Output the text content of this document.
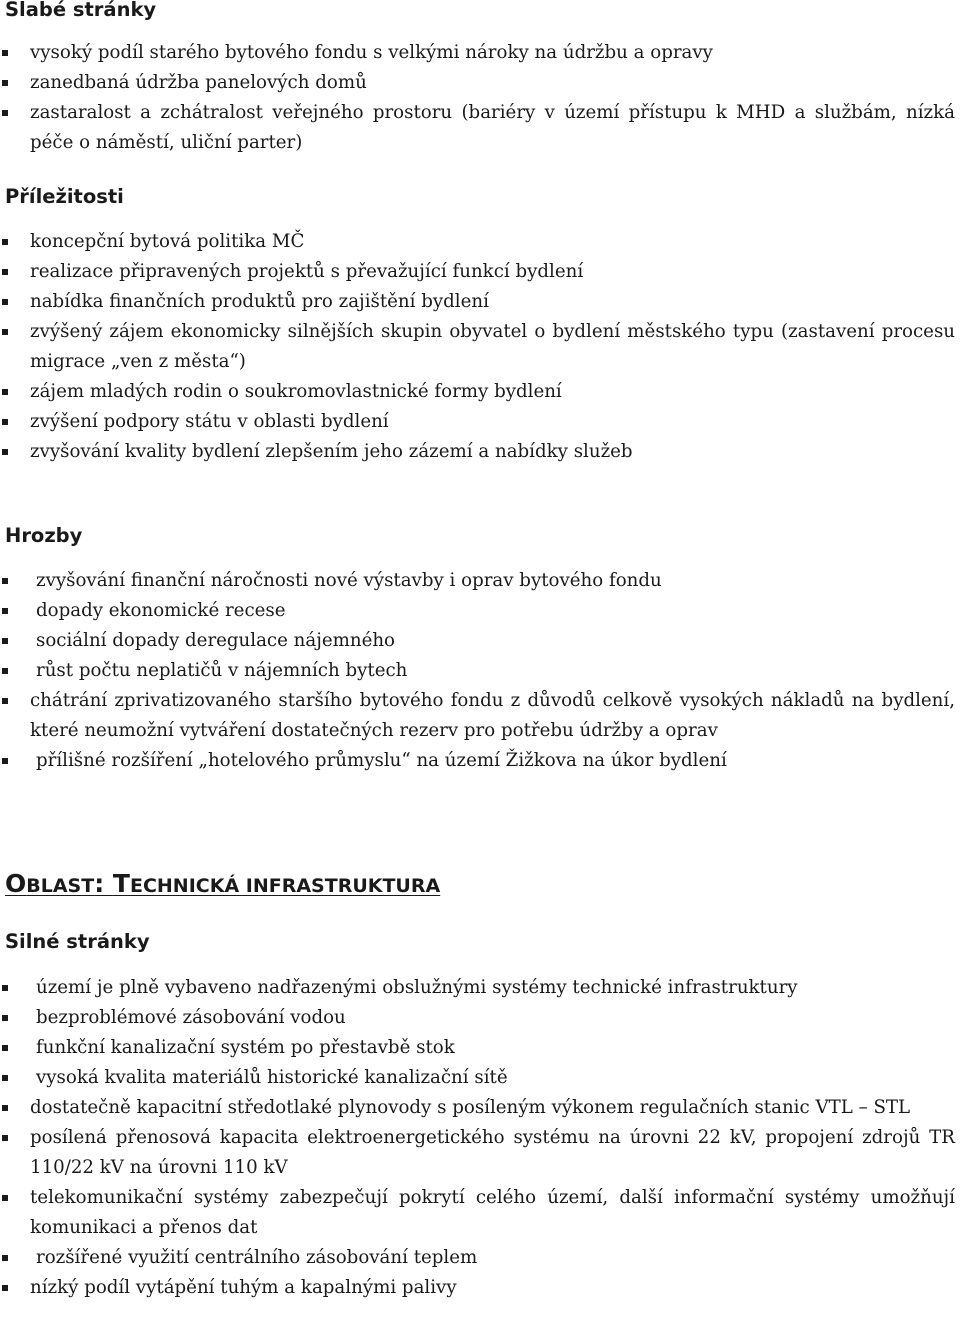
Slabé stránky
vysoký podíl starého bytového fondu s velkými nároky na údržbu a opravy
zanedbaná údržba panelových domů
zastaralost a zchátralost veřejného prostoru (bariéry v území přístupu k MHD a službám, nízká péče o náměstí, uliční parter)
Příležitosti
koncepční bytová politika MČ
realizace připravených projektů s převažující funkcí bydlení
nabídka finančních produktů pro zajištění bydlení
zvýšený zájem ekonomicky silnějších skupin obyvatel o bydlení městského typu (zastavení procesu migrace „ven z města“)
zájem mladých rodin o soukromovlastnické formy bydlení
zvýšení podpory státu v oblasti bydlení
zvyšování kvality bydlení zlepšením jeho zázemí a nabídky služeb
Hrozby
zvyšování finanční náročnosti nové výstavby i oprav bytového fondu
dopady ekonomické recese
sociální dopady deregulace nájemného
růst počtu neplatičů v nájemních bytech
chátrání zprivatizovaného staršího bytového fondu z důvodů celkově vysokých nákladů na bydlení, které neumožní vytváření dostatečných rezerv pro potřebu údržby a oprav
přílišné rozšíření „hotelového průmyslu“ na území Žižkova na úkor bydlení
OBLAST: TECHNICKÁ INFRASTRUKTURA
Silné stránky
území je plně vybaveno nadřazenými obslužnými systémy technické infrastruktury
bezproblémové zásobování vodou
funkční kanalizační systém po přestavbě stok
vysoká kvalita materiálů historické kanalizační sítě
dostatečně kapacitní středotlaké plynovody s posíleným výkonem regulačních stanic VTL – STL
posílená přenosová kapacita elektroenergetického systému na úrovni 22 kV, propojení zdrojů TR 110/22 kV na úrovni 110 kV
telekomunikační systémy zabezpečují pokrytí celého území, další informační systémy umožňují komunikaci a přenos dat
rozšířené využití centrálního zásobování teplem
nízký podíl vytápění tuhým a kapalnými palivy
